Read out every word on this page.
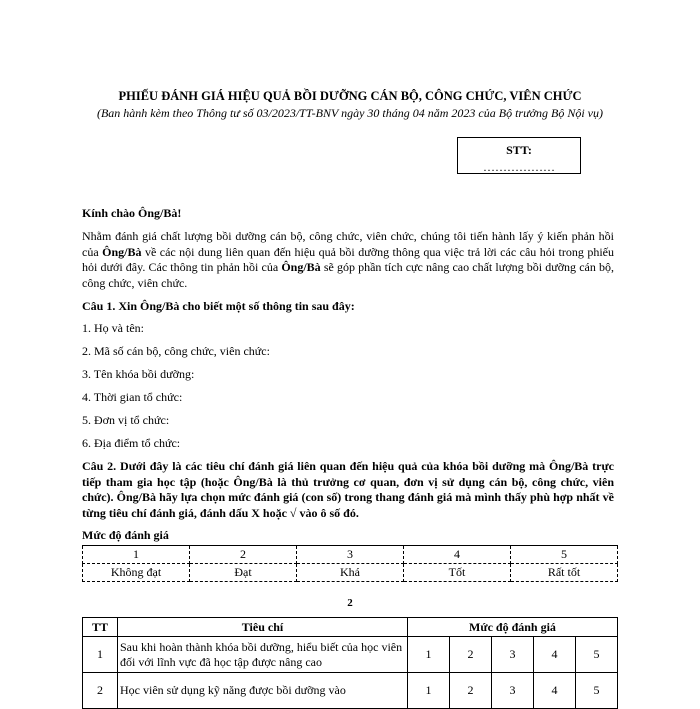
PHIẾU ĐÁNH GIÁ HIỆU QUẢ BỒI DƯỠNG CÁN BỘ, CÔNG CHỨC, VIÊN CHỨC
(Ban hành kèm theo Thông tư số 03/2023/TT-BNV ngày 30 tháng 04 năm 2023 của Bộ trưởng Bộ Nội vụ)
STT:
………………
Kính chào Ông/Bà!
Nhằm đánh giá chất lượng bồi dưỡng cán bộ, công chức, viên chức, chúng tôi tiến hành lấy ý kiến phản hồi của Ông/Bà về các nội dung liên quan đến hiệu quả bồi dưỡng thông qua việc trả lời các câu hỏi trong phiếu hỏi dưới đây. Các thông tin phản hồi của Ông/Bà sẽ góp phần tích cực nâng cao chất lượng bồi dưỡng cán bộ, công chức, viên chức.
Câu 1. Xin Ông/Bà cho biết một số thông tin sau đây:
1. Họ và tên:
2. Mã số cán bộ, công chức, viên chức:
3. Tên khóa bồi dưỡng:
4. Thời gian tổ chức:
5. Đơn vị tổ chức:
6. Địa điểm tổ chức:
Câu 2. Dưới đây là các tiêu chí đánh giá liên quan đến hiệu quả của khóa bồi dưỡng mà Ông/Bà trực tiếp tham gia học tập (hoặc Ông/Bà là thủ trưởng cơ quan, đơn vị sử dụng cán bộ, công chức, viên chức). Ông/Bà hãy lựa chọn mức đánh giá (con số) trong thang đánh giá mà mình thấy phù hợp nhất về từng tiêu chí đánh giá, đánh dấu X hoặc √ vào ô số đó.
Mức độ đánh giá
1	2	3	4	5
Không đạt	Đạt	Khá	Tốt	Rất tốt
2
TT	Tiêu chí	Mức độ đánh giá				
1	Sau khi hoàn thành khóa bồi dưỡng, hiểu biết của học viên đối với lĩnh vực đã học tập được nâng cao	1	2	3	4	5
2	Học viên sử dụng kỹ năng được bồi dưỡng vào	1	2	3	4	5
